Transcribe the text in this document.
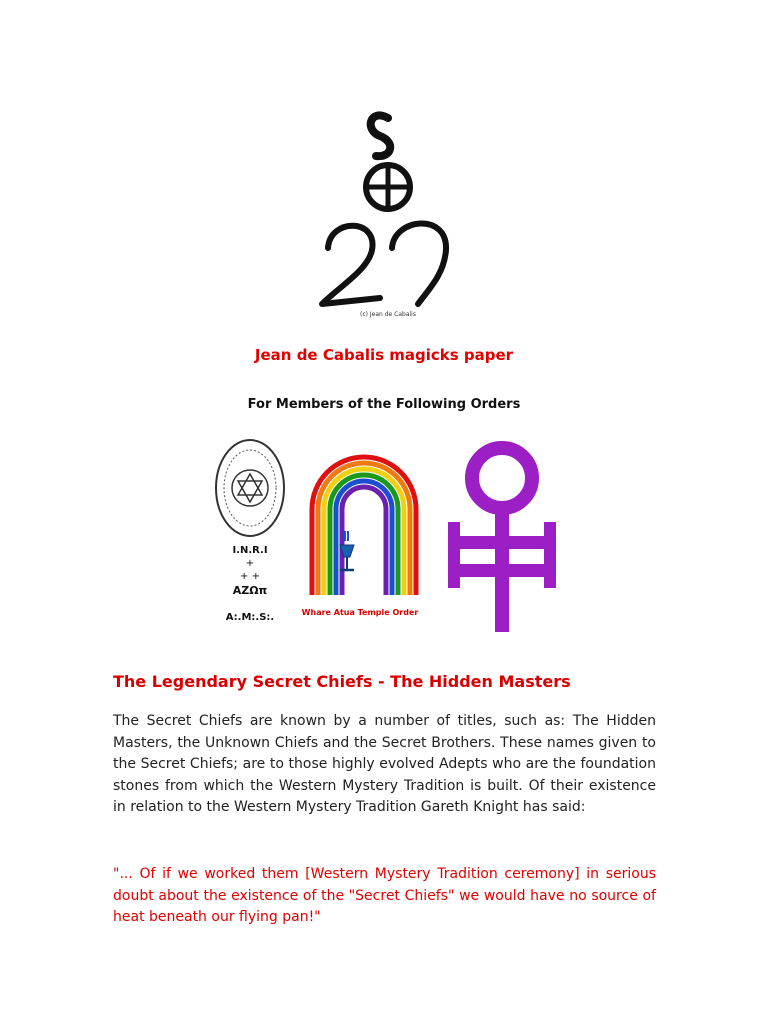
(c) Jean de Cabalis
Jean de Cabalis magicks paper
For Members of the Following Orders
I.N.R.I
+
+ +
AZΩπ
A:.M:.S:.	Whare Atua Temple Order
The Legendary Secret Chiefs - The Hidden Masters
The Secret Chiefs are known by a number of titles, such as: The Hidden Masters, the Unknown Chiefs and the Secret Brothers. These names given to the Secret Chiefs; are to those highly evolved Adepts who are the foundation stones from which the Western Mystery Tradition is built. Of their existence in relation to the Western Mystery Tradition Gareth Knight has said:
"... Of if we worked them [Western Mystery Tradition ceremony] in serious doubt about the existence of the "Secret Chiefs" we would have no source of heat beneath our flying pan!"
